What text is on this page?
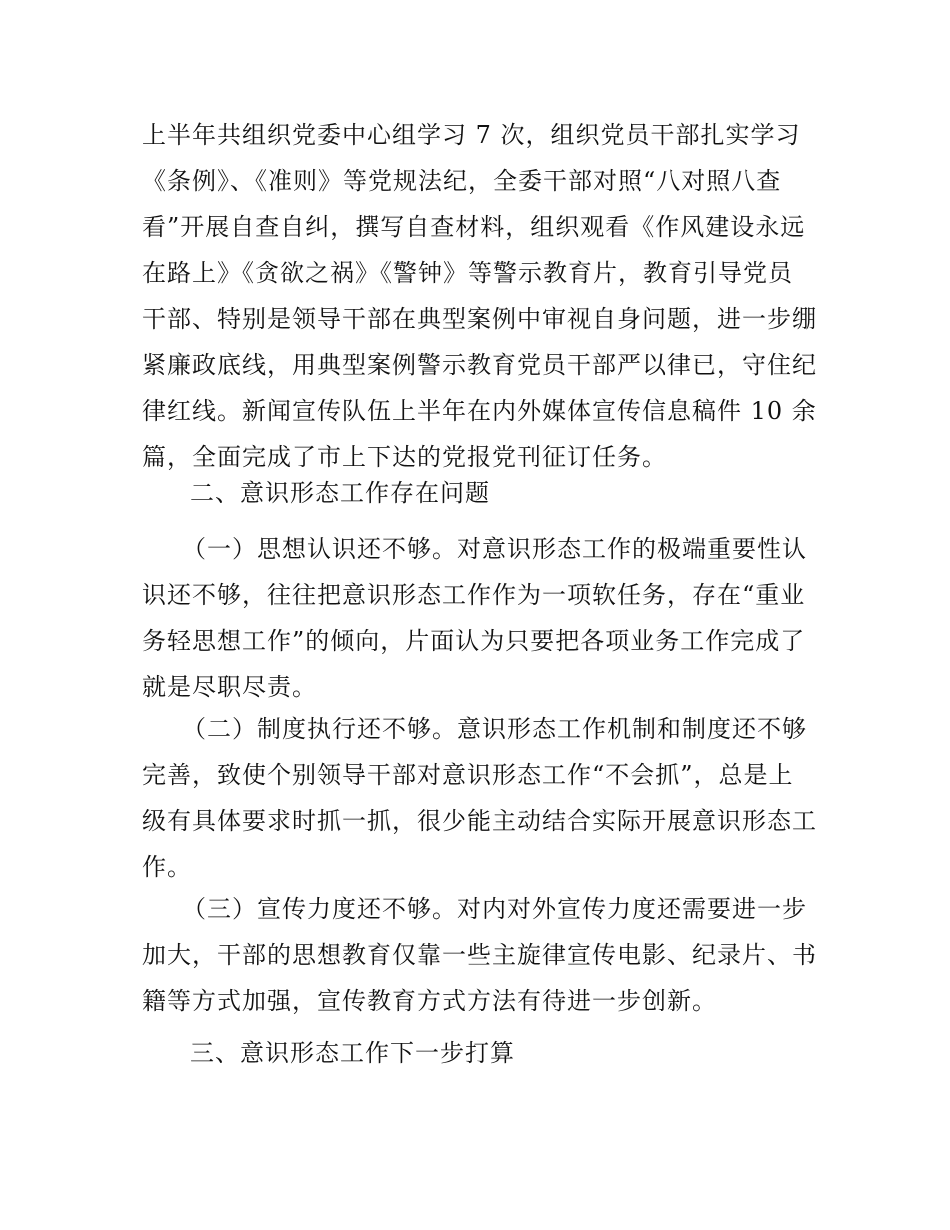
上半年共组织党委中心组学习 7 次，组织党员干部扎实学习
《条例》、《准则》等党规法纪，全委干部对照“八对照八查
看”开展自查自纠，撰写自查材料，组织观看《作风建设永远
在路上》《贪欲之祸》《警钟》等警示教育片，教育引导党员
干部、特别是领导干部在典型案例中审视自身问题，进一步绷
紧廉政底线，用典型案例警示教育党员干部严以律已，守住纪
律红线。新闻宣传队伍上半年在内外媒体宣传信息稿件 10 余
篇，全面完成了市上下达的党报党刊征订任务。
二、意识形态工作存在问题
（一）思想认识还不够。对意识形态工作的极端重要性认
识还不够，往往把意识形态工作作为一项软任务，存在“重业
务轻思想工作”的倾向，片面认为只要把各项业务工作完成了
就是尽职尽责。
（二）制度执行还不够。意识形态工作机制和制度还不够
完善，致使个别领导干部对意识形态工作“不会抓”，总是上
级有具体要求时抓一抓，很少能主动结合实际开展意识形态工
作。
（三）宣传力度还不够。对内对外宣传力度还需要进一步
加大，干部的思想教育仅靠一些主旋律宣传电影、纪录片、书
籍等方式加强，宣传教育方式方法有待进一步创新。
三、意识形态工作下一步打算
